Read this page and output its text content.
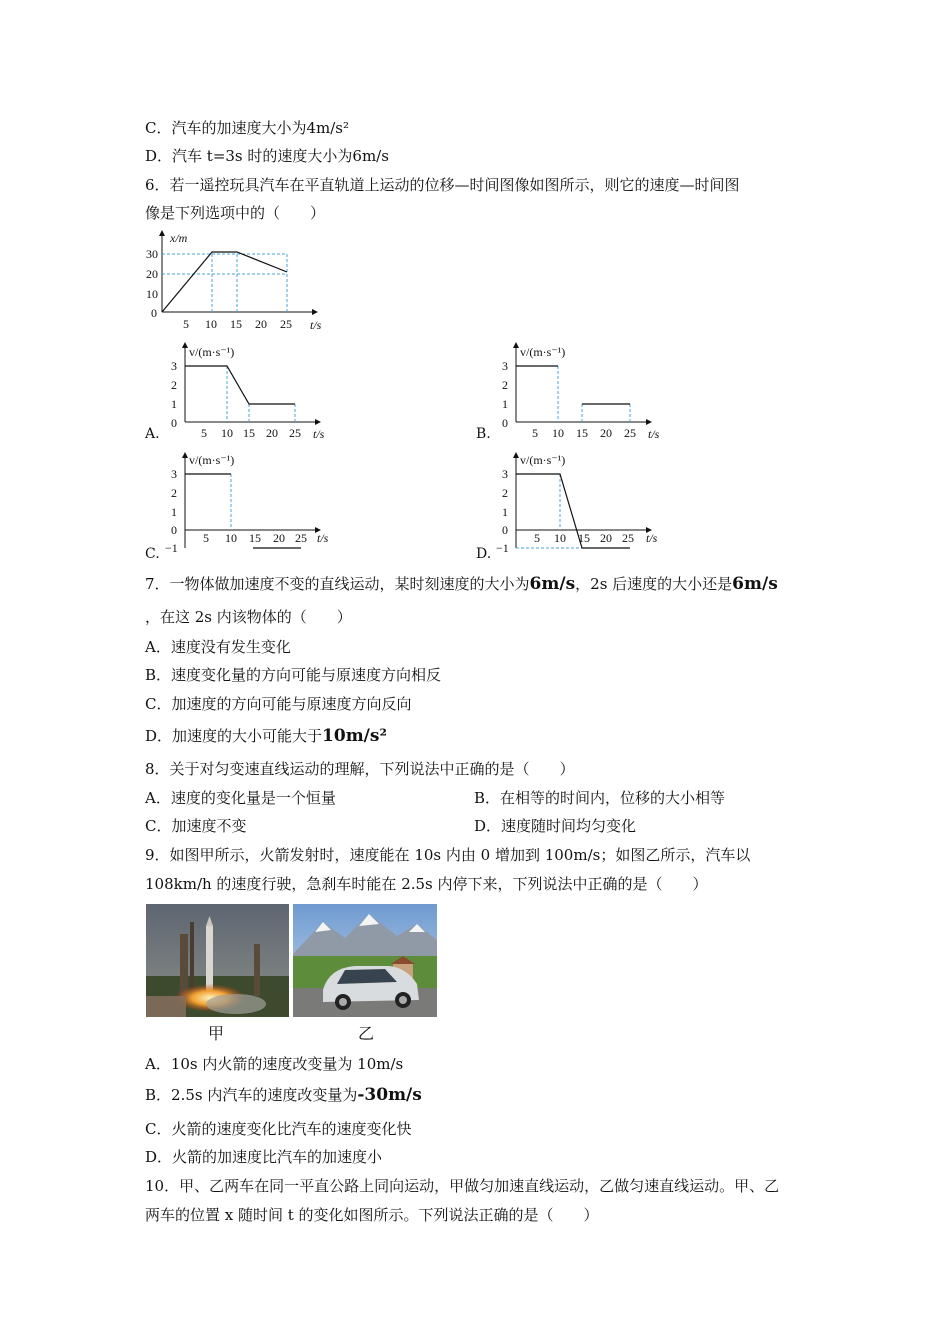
C．汽车的加速度大小为4m/s²
D．汽车 t=3s 时的速度大小为6m/s
6．若一遥控玩具汽车在平直轨道上运动的位移—时间图像如图所示，则它的速度—时间图
像是下列选项中的（　　）
x/m
t/s
30
20
10
0
5 10 15 20 25
A.
v/(m·s⁻¹)
t/s
3
2
1
0
5 10 15 20 25	B.
v/(m·s⁻¹)
t/s
3
2
1
0
5 10 15 20 25
C.
v/(m·s⁻¹)
t/s
3
2
1
0
−1
5 10 15 20 25
D.
v/(m·s⁻¹)
t/s
3
2
1
0
−1
5 10 15 20 25
7．一物体做加速度不变的直线运动，某时刻速度的大小为6m/s，2s 后速度的大小还是6m/s
，在这 2s 内该物体的（　　）
A．速度没有发生变化
B．速度变化量的方向可能与原速度方向相反
C．加速度的方向可能与原速度方向反向
D．加速度的大小可能大于10m/s²
8．关于对匀变速直线运动的理解，下列说法中正确的是（　　）
A．速度的变化量是一个恒量	B．在相等的时间内，位移的大小相等
C．加速度不变	D．速度随时间均匀变化
9．如图甲所示，火箭发射时，速度能在 10s 内由 0 增加到 100m/s；如图乙所示，汽车以
108km/h 的速度行驶，急刹车时能在 2.5s 内停下来，下列说法中正确的是（　　）
甲	乙
A．10s 内火箭的速度改变量为 10m/s
B．2.5s 内汽车的速度改变量为-30m/s
C．火箭的速度变化比汽车的速度变化快
D．火箭的加速度比汽车的加速度小
10．甲、乙两车在同一平直公路上同向运动，甲做匀加速直线运动，乙做匀速直线运动。甲、乙
两车的位置 x 随时间 t 的变化如图所示。下列说法正确的是（　　）
